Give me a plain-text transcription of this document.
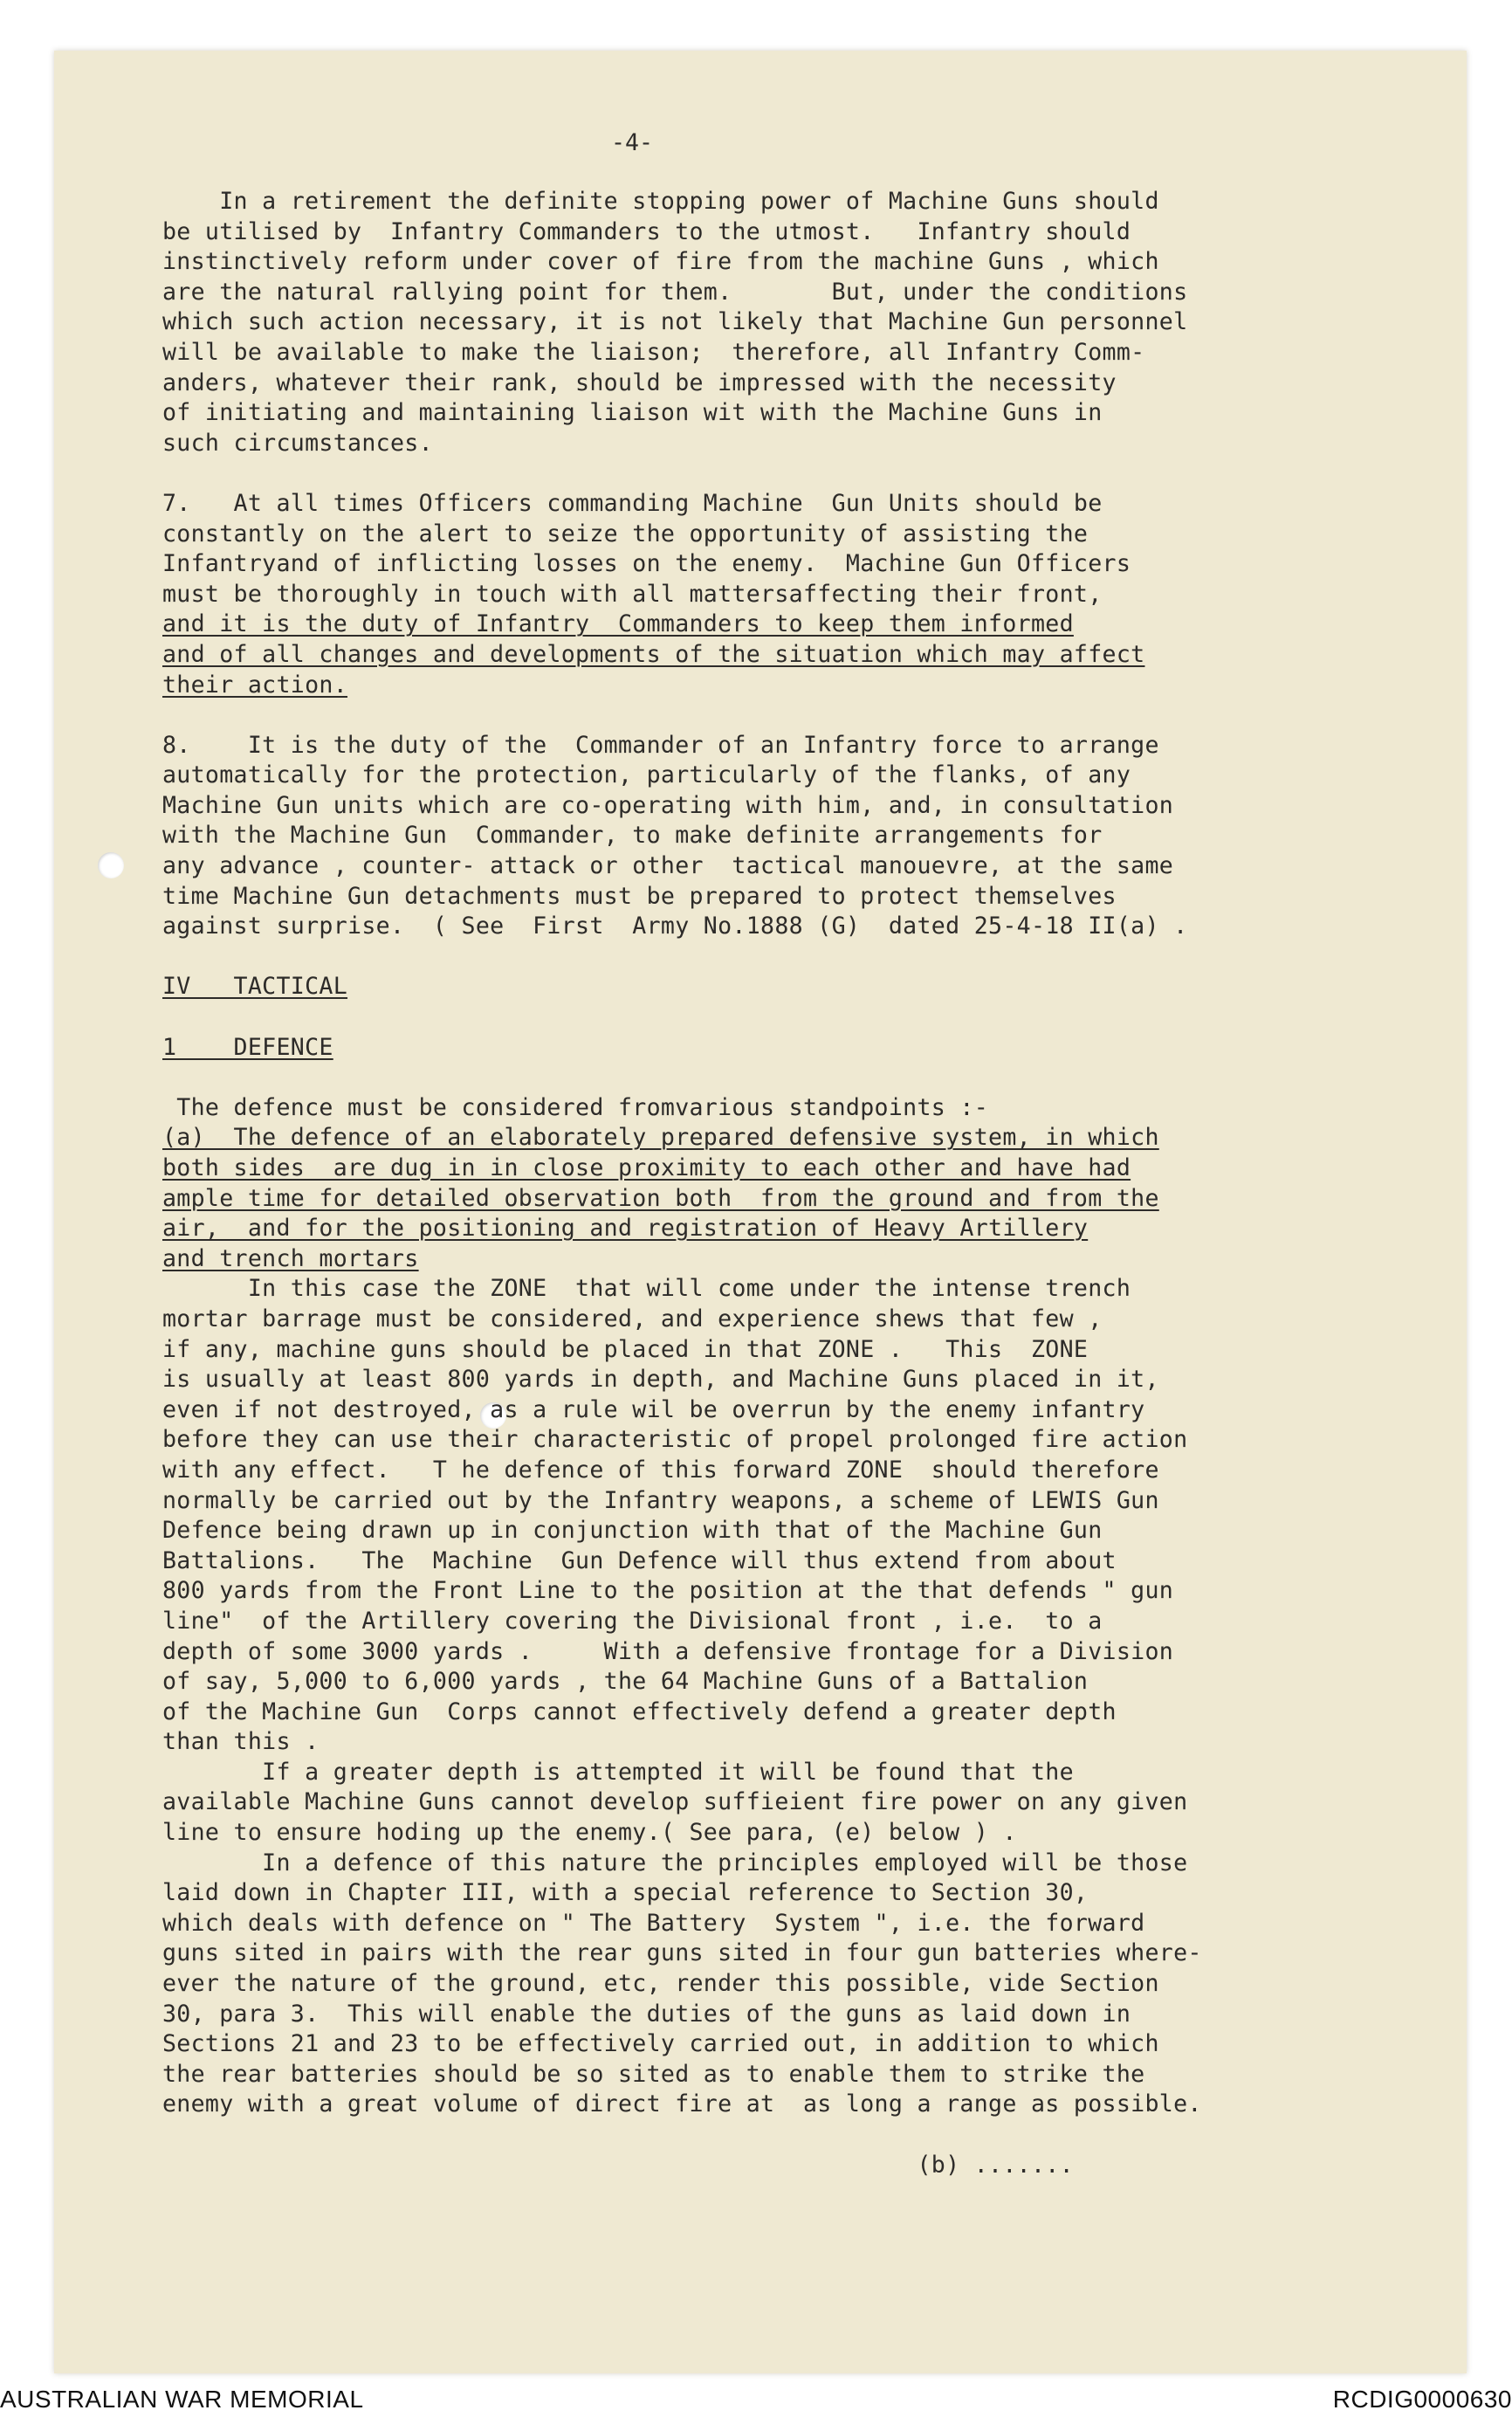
-4-
In a retirement the definite stopping power of Machine Guns should
be utilised by  Infantry Commanders to the utmost.   Infantry should
instinctively reform under cover of fire from the machine Guns , which
are the natural rallying point for them.       But, under the conditions
which such action necessary, it is not likely that Machine Gun personnel
will be available to make the liaison;  therefore, all Infantry Comm-
anders, whatever their rank, should be impressed with the necessity
of initiating and maintaining liaison wit with the Machine Guns in
such circumstances.
7.   At all times Officers commanding Machine  Gun Units should be
constantly on the alert to seize the opportunity of assisting the
Infantryand of inflicting losses on the enemy.  Machine Gun Officers
must be thoroughly in touch with all mattersaffecting their front,
and it is the duty of Infantry  Commanders to keep them informed
and of all changes and developments of the situation which may affect
their action.
8.    It is the duty of the  Commander of an Infantry force to arrange
automatically for the protection, particularly of the flanks, of any
Machine Gun units which are co-operating with him, and, in consultation
with the Machine Gun  Commander, to make definite arrangements for
any advance , counter- attack or other  tactical manouevre, at the same
time Machine Gun detachments must be prepared to protect themselves
against surprise.  ( See  First  Army No.1888 (G)  dated 25-4-18 II(a) .
IV   TACTICAL
1    DEFENCE
The defence must be considered fromvarious standpoints :-
(a)  The defence of an elaborately prepared defensive system, in which
both sides  are dug in in close proximity to each other and have had
ample time for detailed observation both  from the ground and from the
air,  and for the positioning and registration of Heavy Artillery
and trench mortars
In this case the ZONE  that will come under the intense trench
mortar barrage must be considered, and experience shews that few ,
if any, machine guns should be placed in that ZONE .   This  ZONE
is usually at least 800 yards in depth, and Machine Guns placed in it,
even if not destroyed, as a rule wil be overrun by the enemy infantry
before they can use their characteristic of propel prolonged fire action
with any effect.   T he defence of this forward ZONE  should therefore
normally be carried out by the Infantry weapons, a scheme of LEWIS Gun
Defence being drawn up in conjunction with that of the Machine Gun
Battalions.   The  Machine  Gun Defence will thus extend from about
800 yards from the Front Line to the position at the that defends " gun
line"  of the Artillery covering the Divisional front , i.e.  to a
depth of some 3000 yards .     With a defensive frontage for a Division
of say, 5,000 to 6,000 yards , the 64 Machine Guns of a Battalion
of the Machine Gun  Corps cannot effectively defend a greater depth
than this .
If a greater depth is attempted it will be found that the
available Machine Guns cannot develop suffieient fire power on any given
line to ensure hoding up the enemy.( See para, (e) below ) .
In a defence of this nature the principles employed will be those
laid down in Chapter III, with a special reference to Section 30,
which deals with defence on " The Battery  System ", i.e. the forward
guns sited in pairs with the rear guns sited in four gun batteries where-
ever the nature of the ground, etc, render this possible, vide Section
30, para 3.  This will enable the duties of the guns as laid down in
Sections 21 and 23 to be effectively carried out, in addition to which
the rear batteries should be so sited as to enable them to strike the
enemy with a great volume of direct fire at  as long a range as possible.
(b) .......
AUSTRALIAN WAR MEMORIAL	RCDIG0000630
